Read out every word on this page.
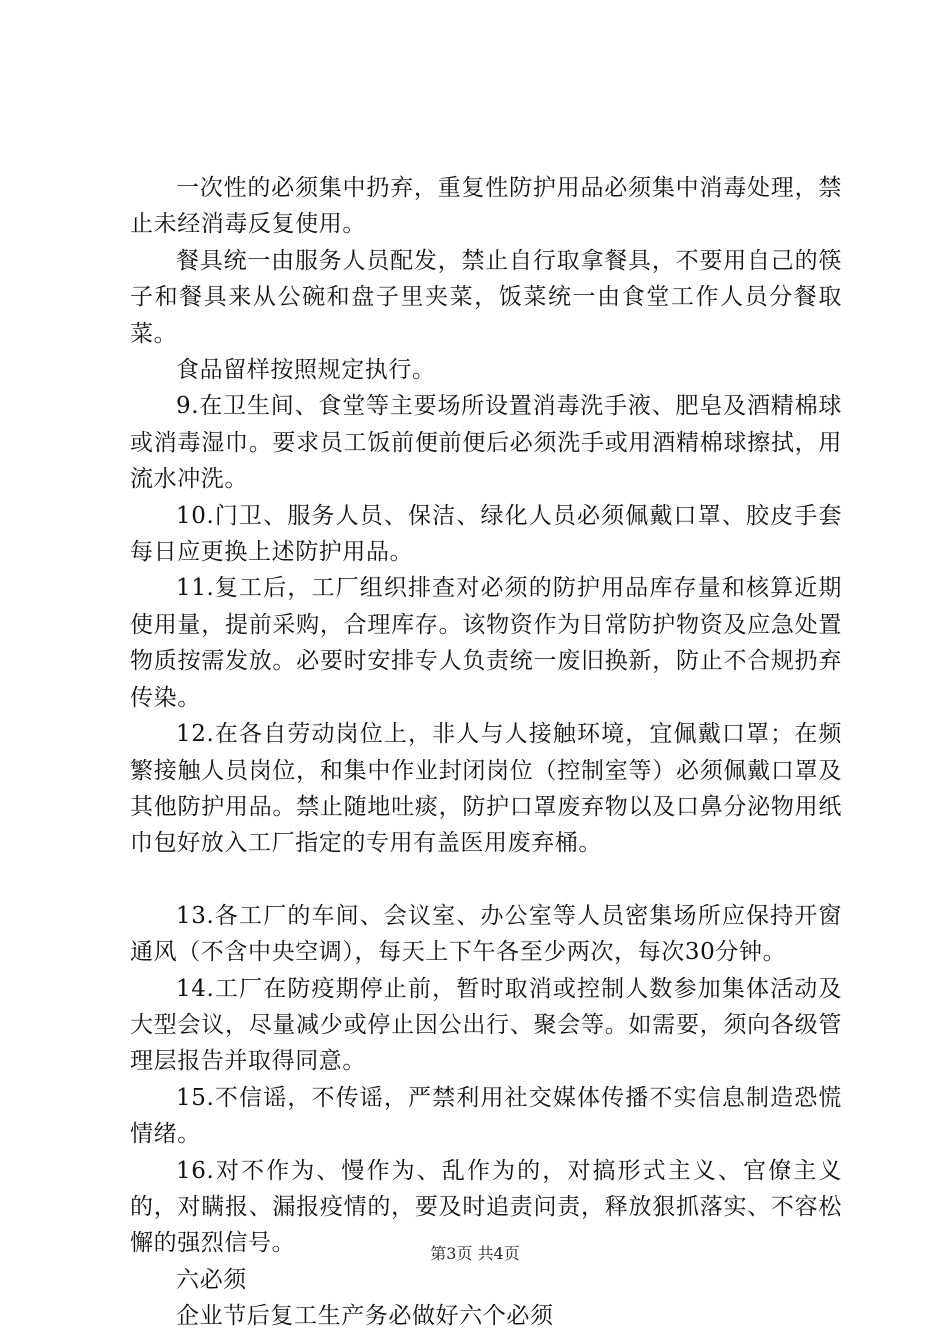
一次性的必须集中扔弃，重复性防护用品必须集中消毒处理，禁止未经消毒反复使用。

餐具统一由服务人员配发，禁止自行取拿餐具，不要用自己的筷子和餐具来从公碗和盘子里夹菜，饭菜统一由食堂工作人员分餐取菜。

食品留样按照规定执行。

9.在卫生间、食堂等主要场所设置消毒洗手液、肥皂及酒精棉球或消毒湿巾。要求员工饭前便前便后必须洗手或用酒精棉球擦拭，用流水冲洗。

10.门卫、服务人员、保洁、绿化人员必须佩戴口罩、胶皮手套每日应更换上述防护用品。

11.复工后，工厂组织排查对必须的防护用品库存量和核算近期使用量，提前采购，合理库存。该物资作为日常防护物资及应急处置物质按需发放。必要时安排专人负责统一废旧换新，防止不合规扔弃传染。

12.在各自劳动岗位上，非人与人接触环境，宜佩戴口罩；在频繁接触人员岗位，和集中作业封闭岗位（控制室等）必须佩戴口罩及其他防护用品。禁止随地吐痰，防护口罩废弃物以及口鼻分泌物用纸巾包好放入工厂指定的专用有盖医用废弃桶。

13.各工厂的车间、会议室、办公室等人员密集场所应保持开窗通风（不含中央空调），每天上下午各至少两次，每次30分钟。

14.工厂在防疫期停止前，暂时取消或控制人数参加集体活动及大型会议，尽量减少或停止因公出行、聚会等。如需要，须向各级管理层报告并取得同意。

15.不信谣，不传谣，严禁利用社交媒体传播不实信息制造恐慌情绪。

16.对不作为、慢作为、乱作为的，对搞形式主义、官僚主义的，对瞒报、漏报疫情的，要及时追责问责，释放狠抓落实、不容松懈的强烈信号。

六必须

企业节后复工生产务必做好六个必须

第3页 共4页
